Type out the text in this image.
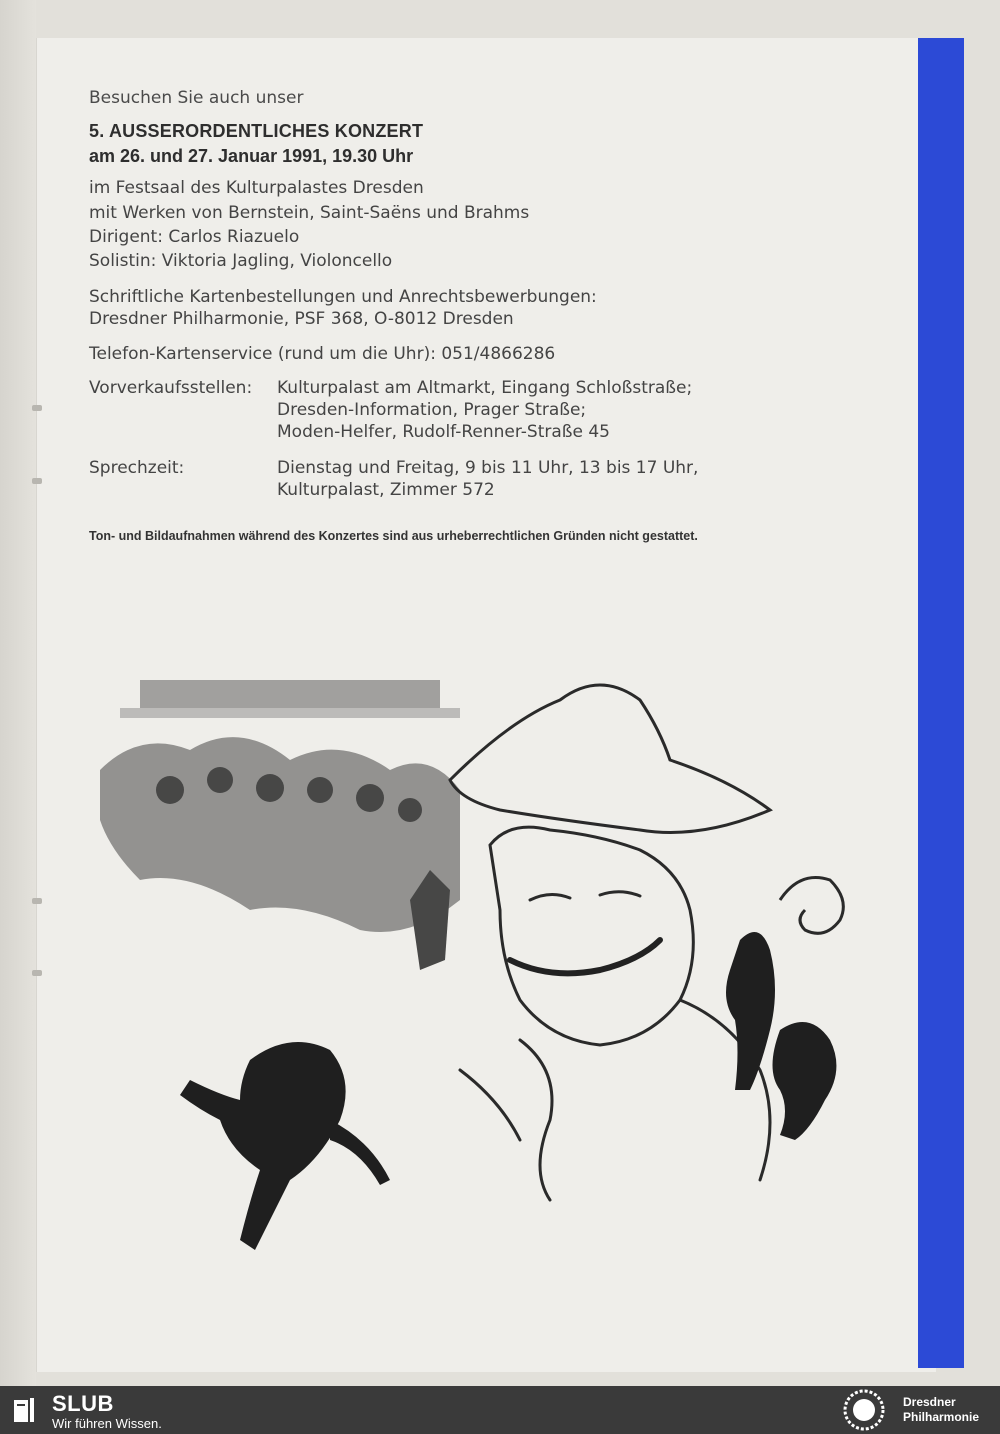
Besuchen Sie auch unser
5. AUSSERORDENTLICHES KONZERT
am 26. und 27. Januar 1991, 19.30 Uhr
im Festsaal des Kulturpalastes Dresden
mit Werken von Bernstein, Saint-Saëns und Brahms
Dirigent: Carlos Riazuelo
Solistin: Viktoria Jagling, Violoncello
Schriftliche Kartenbestellungen und Anrechtsbewerbungen:
Dresdner Philharmonie, PSF 368, O-8012 Dresden
Telefon-Kartenservice (rund um die Uhr): 051/4866286
Vorverkaufsstellen: Kulturpalast am Altmarkt, Eingang Schloßstraße;
Dresden-Information, Prager Straße;
Moden-Helfer, Rudolf-Renner-Straße 45
Sprechzeit:	Dienstag und Freitag, 9 bis 11 Uhr, 13 bis 17 Uhr,
Kulturpalast, Zimmer 572
Ton- und Bildaufnahmen während des Konzertes sind aus urheberrechtlichen Gründen nicht gestattet.
SLUB
Wir führen Wissen.
Dresdner
Philharmonie
